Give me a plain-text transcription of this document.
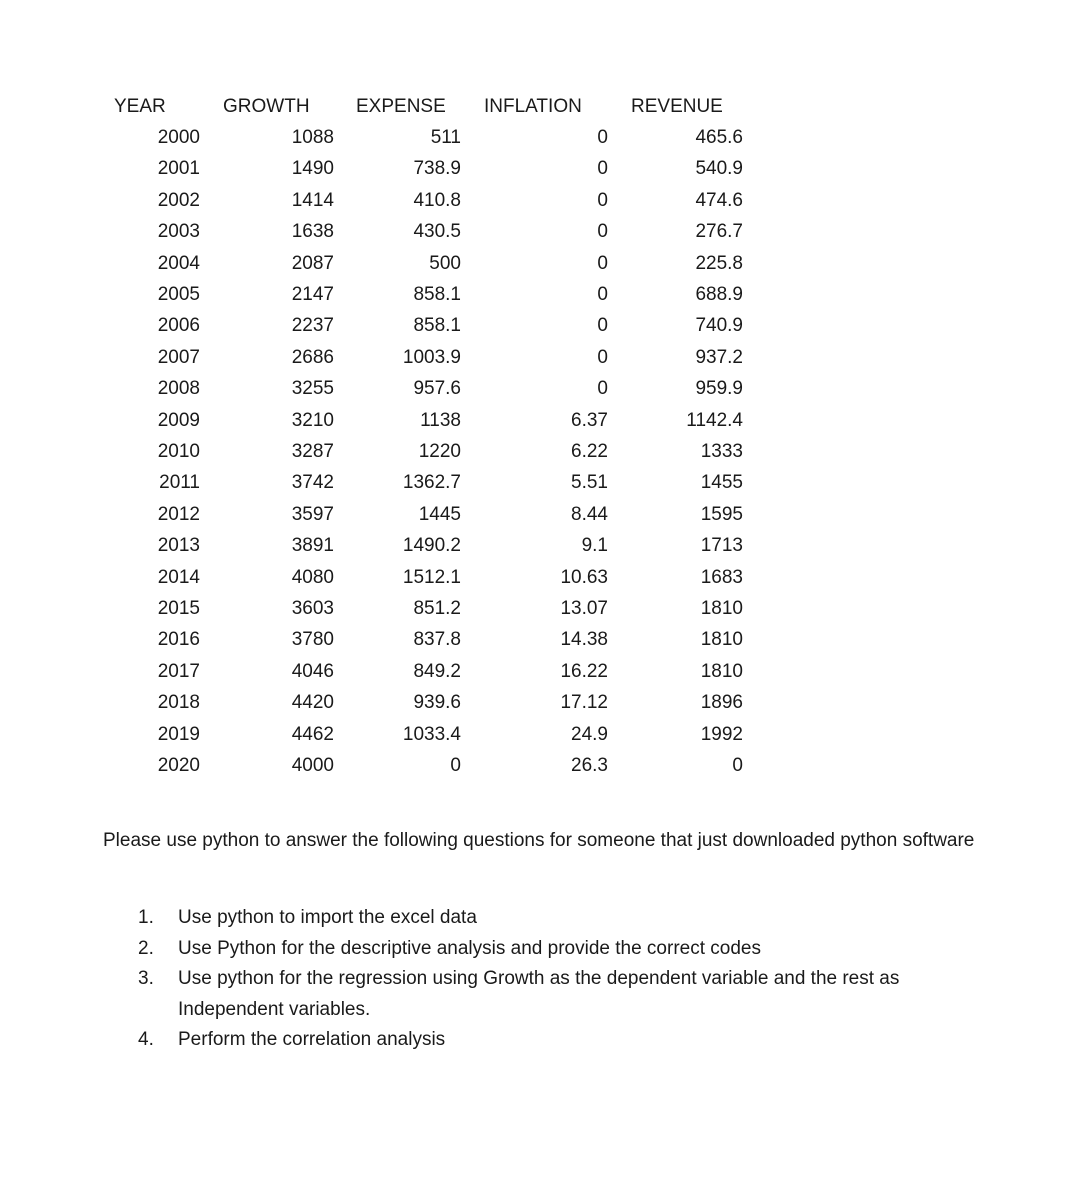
YEAR	GROWTH	EXPENSE	INFLATION	REVENUE
2000	1088	511	0	465.6
2001	1490	738.9	0	540.9
2002	1414	410.8	0	474.6
2003	1638	430.5	0	276.7
2004	2087	500	0	225.8
2005	2147	858.1	0	688.9
2006	2237	858.1	0	740.9
2007	2686	1003.9	0	937.2
2008	3255	957.6	0	959.9
2009	3210	1138	6.37	1142.4
2010	3287	1220	6.22	1333
2011	3742	1362.7	5.51	1455
2012	3597	1445	8.44	1595
2013	3891	1490.2	9.1	1713
2014	4080	1512.1	10.63	1683
2015	3603	851.2	13.07	1810
2016	3780	837.8	14.38	1810
2017	4046	849.2	16.22	1810
2018	4420	939.6	17.12	1896
2019	4462	1033.4	24.9	1992
2020	4000	0	26.3	0

Please use python to answer the following questions for someone that just downloaded python software

1.	Use python to import the excel data
2.	Use Python for the descriptive analysis and provide the correct codes
3.	Use python for the regression using Growth as the dependent variable and the rest as Independent variables.
4.	Perform the correlation analysis
